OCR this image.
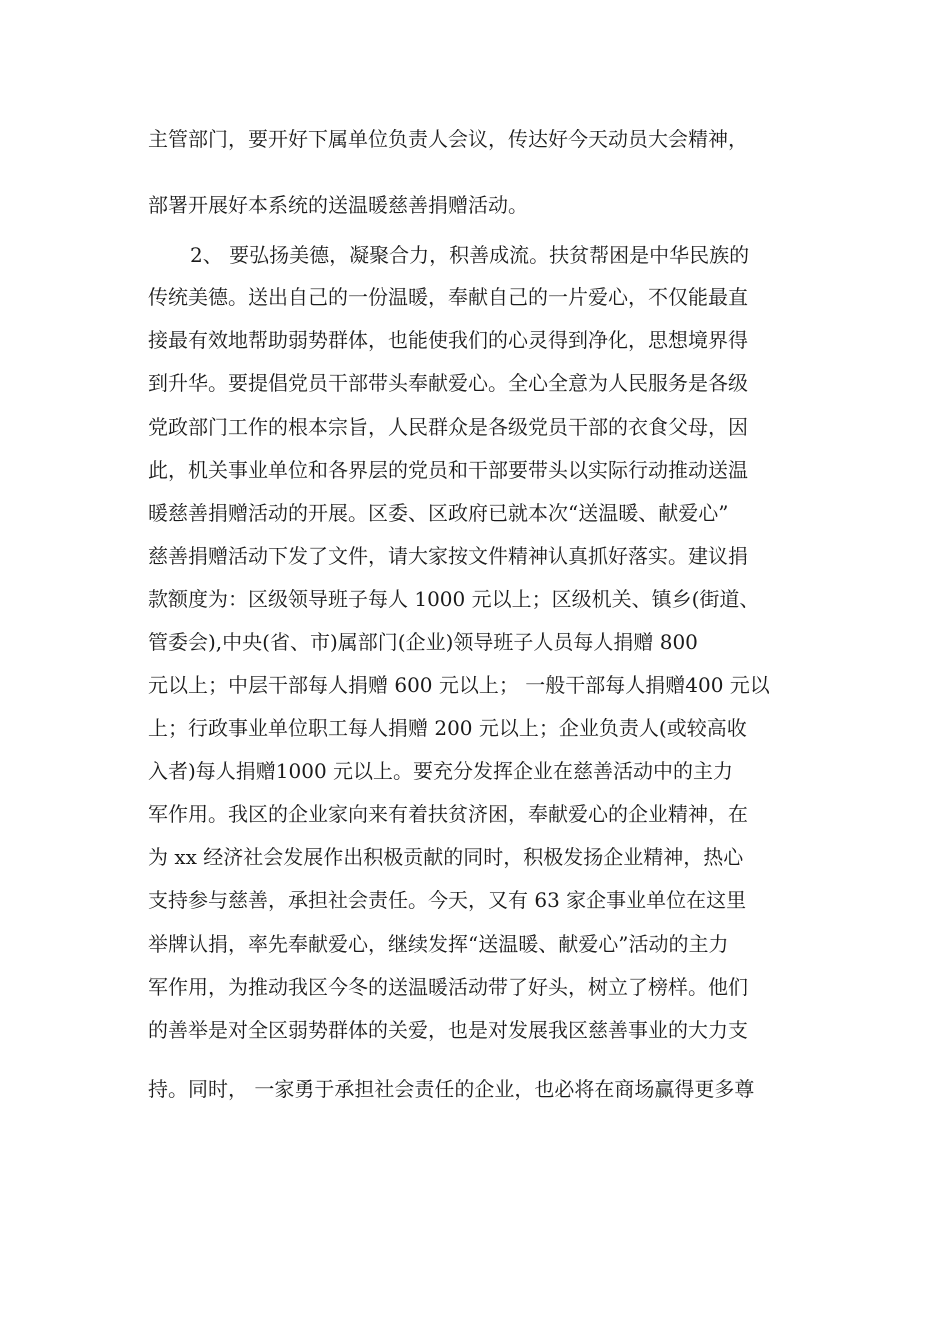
主管部门，要开好下属单位负责人会议，传达好今天动员大会精神，
部署开展好本系统的送温暖慈善捐赠活动。
2、 要弘扬美德，凝聚合力，积善成流。扶贫帮困是中华民族的
传统美德。送出自己的一份温暖，奉献自己的一片爱心，不仅能最直
接最有效地帮助弱势群体，也能使我们的心灵得到净化，思想境界得
到升华。要提倡党员干部带头奉献爱心。全心全意为人民服务是各级
党政部门工作的根本宗旨，人民群众是各级党员干部的衣食父母，因
此，机关事业单位和各界层的党员和干部要带头以实际行动推动送温
暖慈善捐赠活动的开展。区委、区政府已就本次“送温暖、献爱心”
慈善捐赠活动下发了文件，请大家按文件精神认真抓好落实。建议捐
款额度为：区级领导班子每人 1000 元以上；区级机关、镇乡(街道、
管委会),中央(省、市)属部门(企业)领导班子人员每人捐赠 800
元以上；中层干部每人捐赠 600 元以上； 一般干部每人捐赠400 元以
上；行政事业单位职工每人捐赠 200 元以上；企业负责人(或较高收
入者)每人捐赠1000 元以上。要充分发挥企业在慈善活动中的主力
军作用。我区的企业家向来有着扶贫济困，奉献爱心的企业精神，在
为 xx 经济社会发展作出积极贡献的同时，积极发扬企业精神，热心
支持参与慈善，承担社会责任。今天，又有 63 家企事业单位在这里
举牌认捐，率先奉献爱心，继续发挥“送温暖、献爱心”活动的主力
军作用，为推动我区今冬的送温暖活动带了好头，树立了榜样。他们
的善举是对全区弱势群体的关爱，也是对发展我区慈善事业的大力支
持。同时， 一家勇于承担社会责任的企业，也必将在商场赢得更多尊
